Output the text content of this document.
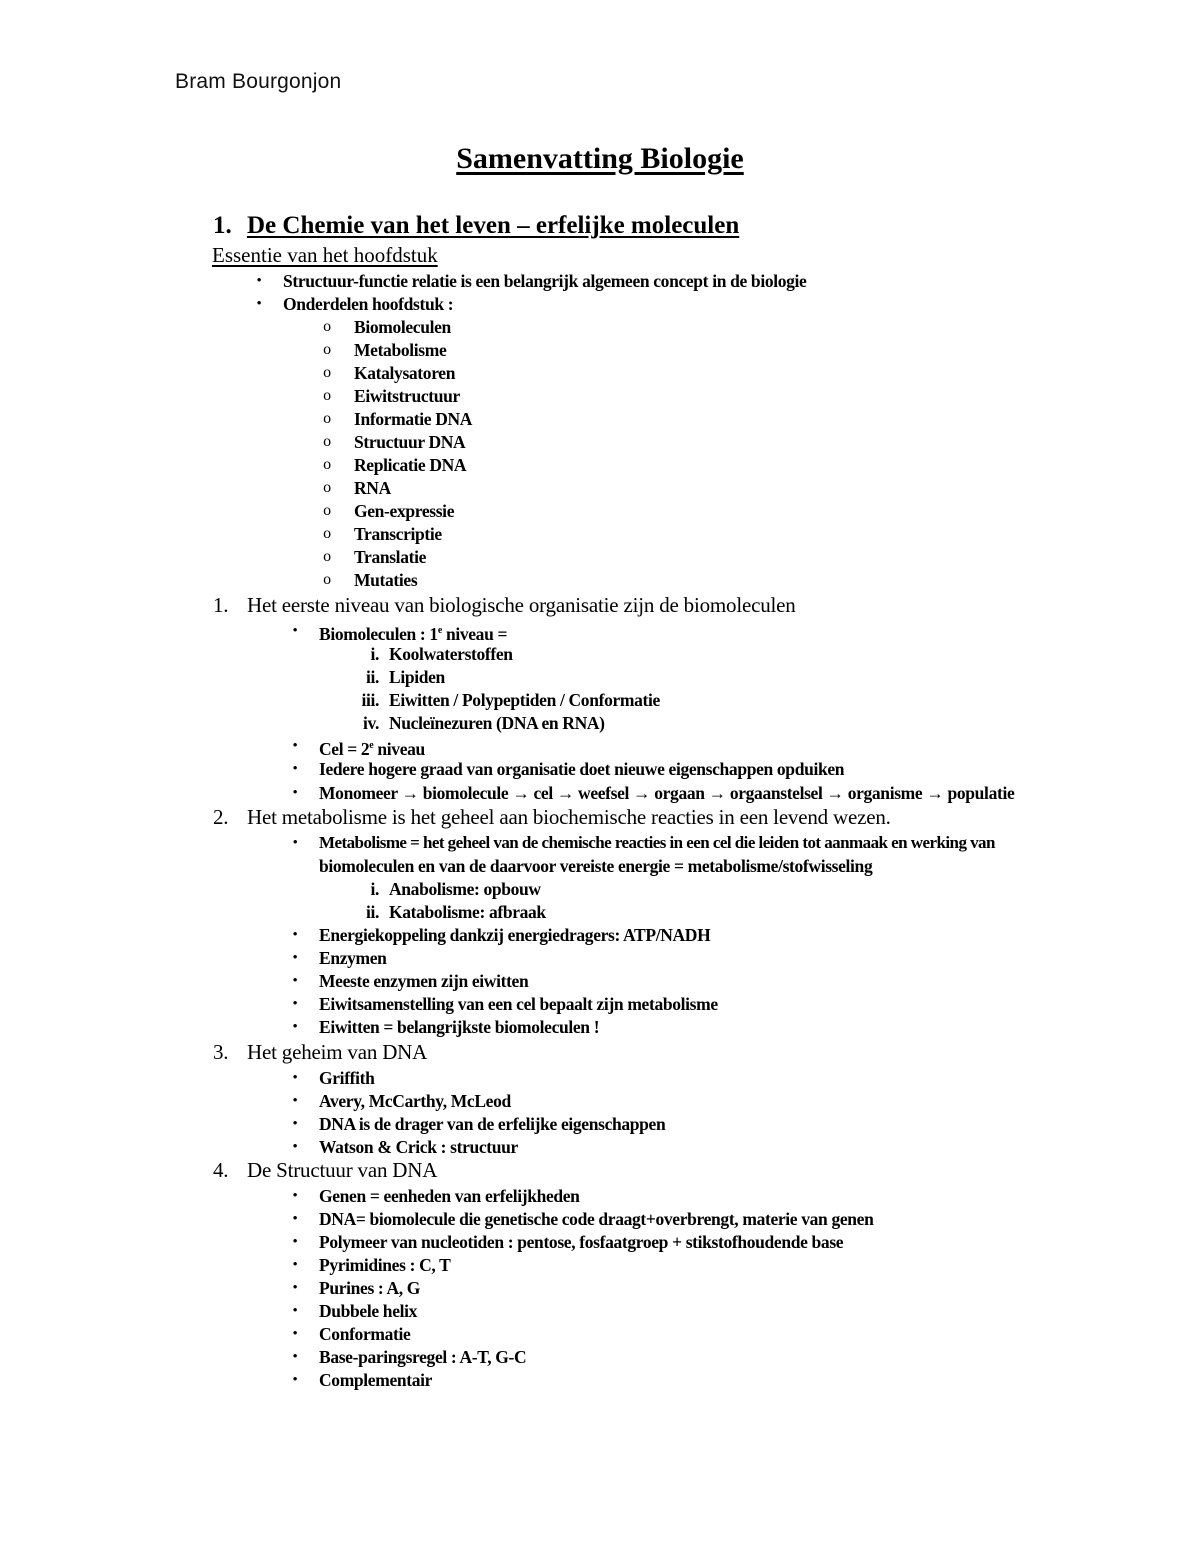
Bram Bourgonjon
Samenvatting Biologie
1. De Chemie van het leven – erfelijke moleculen
Essentie van het hoofdstuk
• Structuur-functie relatie is een belangrijk algemeen concept in de biologie
• Onderdelen hoofdstuk :
o Biomoleculen
o Metabolisme
o Katalysatoren
o Eiwitstructuur
o Informatie DNA
o Structuur DNA
o Replicatie DNA
o RNA
o Gen-expressie
o Transcriptie
o Translatie
o Mutaties
1. Het eerste niveau van biologische organisatie zijn de biomoleculen
• Biomoleculen : 1e niveau =
i. Koolwaterstoffen
ii. Lipiden
iii. Eiwitten / Polypeptiden / Conformatie
iv. Nucleïnezuren (DNA en RNA)
• Cel = $2^e$ niveau
• Iedere hogere graad van organisatie doet nieuwe eigenschappen opduiken
• Monomeer → biomolecule → cel → weefsel → orgaan → orgaanstelsel → organisme → populatie
2. Het metabolisme is het geheel aan biochemische reacties in een levend wezen.
• Metabolisme = het geheel van de chemische reacties in een cel die leiden tot aanmaak en werking van
biomoleculen en van de daarvoor vereiste energie = metabolisme/stofwisseling
i. Anabolisme: opbouw
ii. Katabolisme: afbraak
• Energiekoppeling dankzij energiedragers: ATP/NADH
• Enzymen
• Meeste enzymen zijn eiwitten
• Eiwitsamenstelling van een cel bepaalt zijn metabolisme
• Eiwitten = belangrijkste biomoleculen !
3. Het geheim van DNA
• Griffith
• Avery, McCarthy, McLeod
• DNA is de drager van de erfelijke eigenschappen
• Watson & Crick : structuur
4. De Structuur van DNA
• Genen = eenheden van erfelijkheden
• DNA= biomolecule die genetische code draagt+overbrengt, materie van genen
• Polymeer van nucleotiden : pentose, fosfaatgroep + stikstofhoudende base
• Pyrimidines : C, T
• Purines : A, G
• Dubbele helix
• Conformatie
• Base-paringsregel : A-T, G-C
• Complementair
